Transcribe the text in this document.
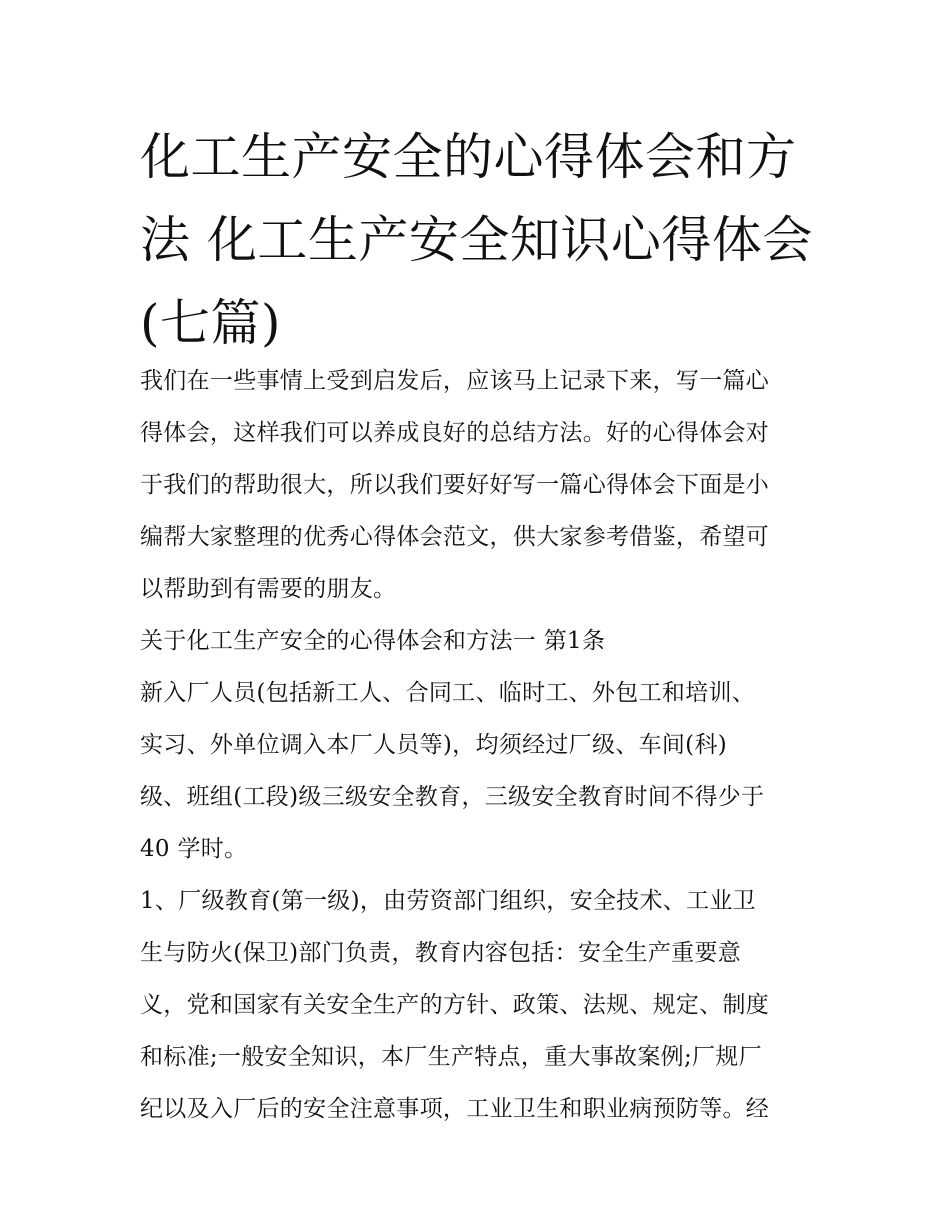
化工生产安全的心得体会和方
法 化工生产安全知识心得体会
(七篇)
我们在一些事情上受到启发后，应该马上记录下来，写一篇心
得体会，这样我们可以养成良好的总结方法。好的心得体会对
于我们的帮助很大，所以我们要好好写一篇心得体会下面是小
编帮大家整理的优秀心得体会范文，供大家参考借鉴，希望可
以帮助到有需要的朋友。
关于化工生产安全的心得体会和方法一 第1条
新入厂人员(包括新工人、合同工、临时工、外包工和培训、
实习、外单位调入本厂人员等)，均须经过厂级、车间(科)
级、班组(工段)级三级安全教育，三级安全教育时间不得少于
40 学时。
1、厂级教育(第一级)，由劳资部门组织，安全技术、工业卫
生与防火(保卫)部门负责，教育内容包括：安全生产重要意
义，党和国家有关安全生产的方针、政策、法规、规定、制度
和标准;一般安全知识，本厂生产特点，重大事故案例;厂规厂
纪以及入厂后的安全注意事项，工业卫生和职业病预防等。经
